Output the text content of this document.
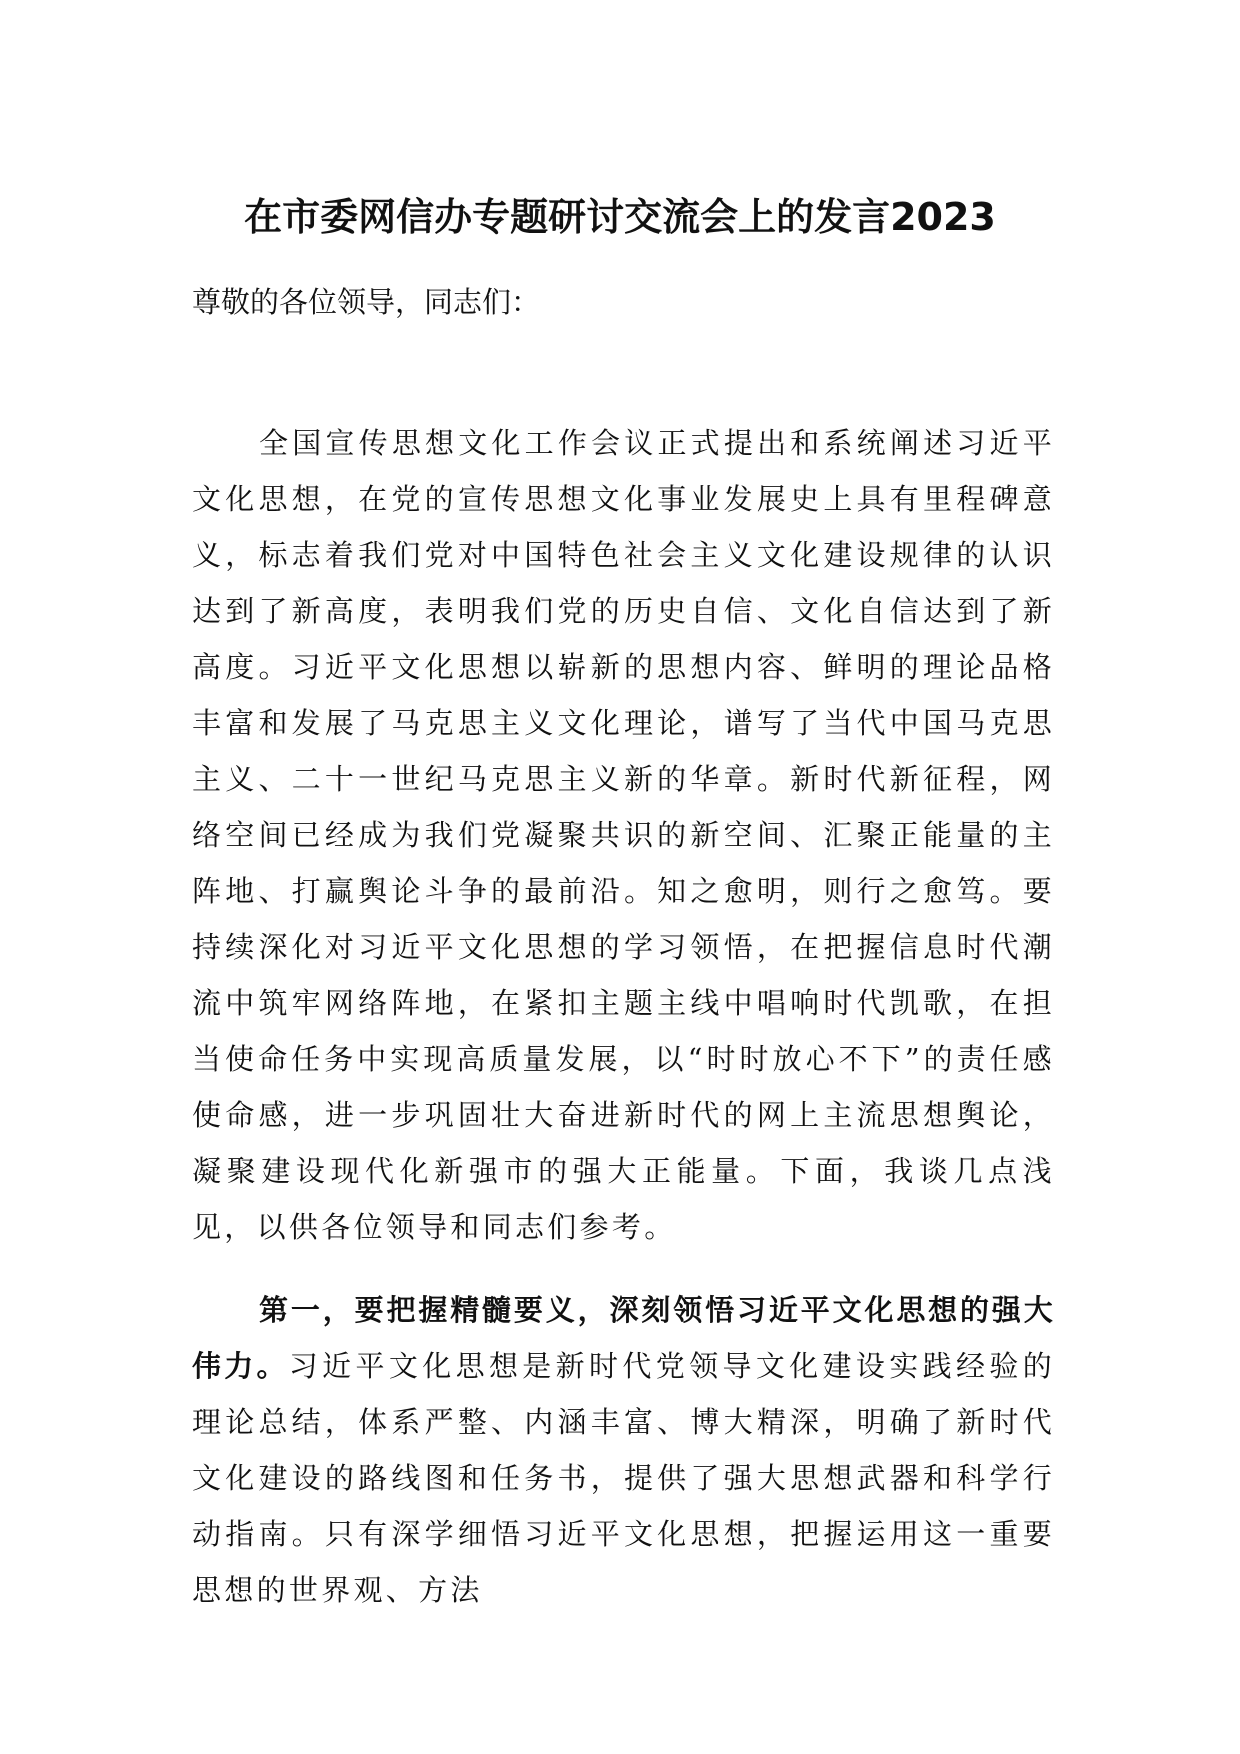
在市委网信办专题研讨交流会上的发言2023

尊敬的各位领导，同志们：

全国宣传思想文化工作会议正式提出和系统阐述习近平文化思想，在党的宣传思想文化事业发展史上具有里程碑意义，标志着我们党对中国特色社会主义文化建设规律的认识达到了新高度，表明我们党的历史自信、文化自信达到了新高度。习近平文化思想以崭新的思想内容、鲜明的理论品格丰富和发展了马克思主义文化理论，谱写了当代中国马克思主义、二十一世纪马克思主义新的华章。新时代新征程，网络空间已经成为我们党凝聚共识的新空间、汇聚正能量的主阵地、打赢舆论斗争的最前沿。知之愈明，则行之愈笃。要持续深化对习近平文化思想的学习领悟，在把握信息时代潮流中筑牢网络阵地，在紧扣主题主线中唱响时代凯歌，在担当使命任务中实现高质量发展，以“时时放心不下”的责任感使命感，进一步巩固壮大奋进新时代的网上主流思想舆论，凝聚建设现代化新强市的强大正能量。下面，我谈几点浅见，以供各位领导和同志们参考。

第一，要把握精髓要义，深刻领悟习近平文化思想的强大伟力。习近平文化思想是新时代党领导文化建设实践经验的理论总结，体系严整、内涵丰富、博大精深，明确了新时代文化建设的路线图和任务书，提供了强大思想武器和科学行动指南。只有深学细悟习近平文化思想，把握运用这一重要思想的世界观、方法
